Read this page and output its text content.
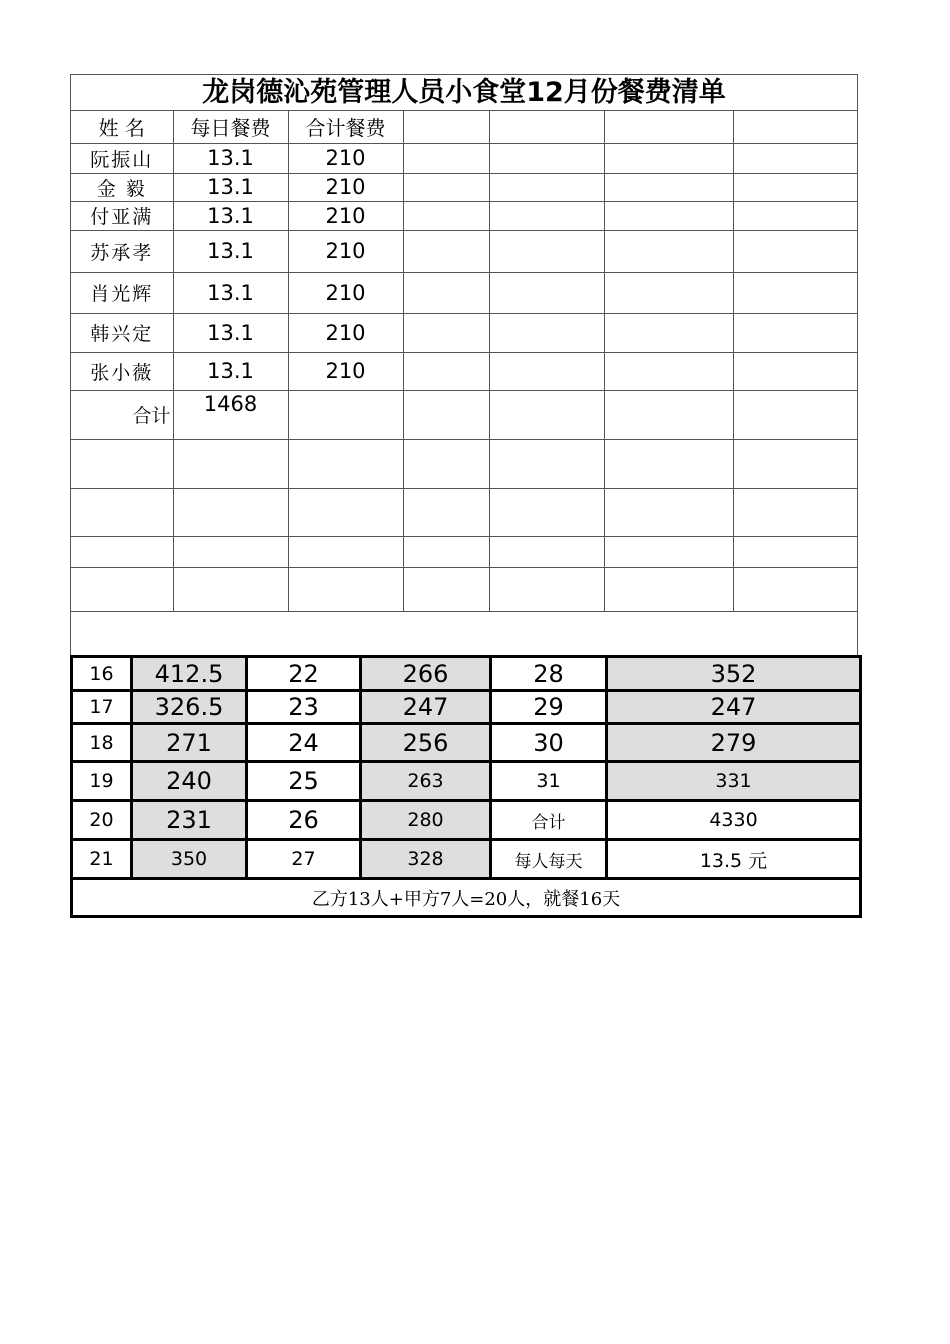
龙岗德沁苑管理人员小食堂12月份餐费清单
姓 名	每日餐费	合计餐费				
阮振山	13.1	210				
金 毅	13.1	210				
付亚满	13.1	210				
苏承孝	13.1	210				
肖光辉	13.1	210				
韩兴定	13.1	210				
张小薇	13.1	210				
合计	1468					

16	412.5	22	266	28	352
17	326.5	23	247	29	247
18	271	24	256	30	279
19	240	25	263	31	331
20	231	26	280	合计	4330
21	350	27	328	每人每天	13.5 元
乙方13人+甲方7人=20人，就餐16天					
